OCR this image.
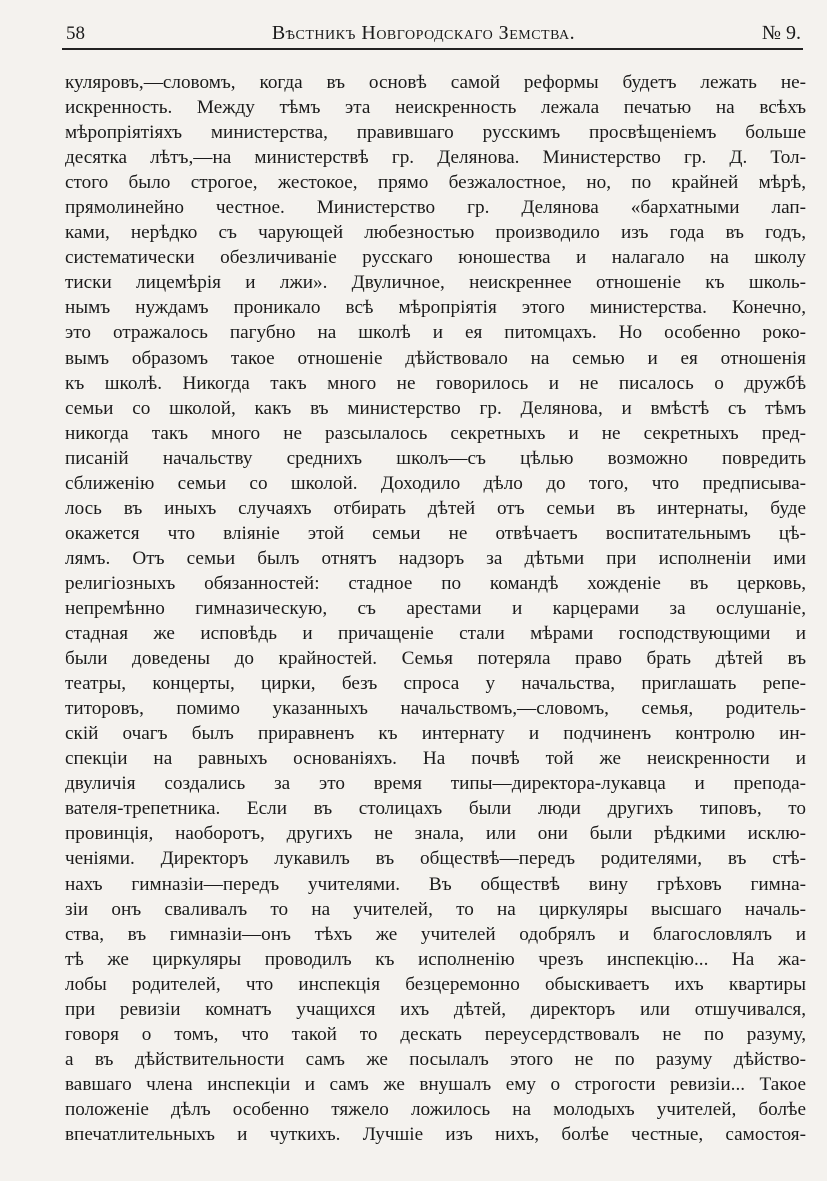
58	Вѣстникъ Новгородскаго Земства.	№ 9.
куляровъ,—словомъ, когда въ основѣ самой реформы будетъ лежать не-
искренность. Между тѣмъ эта неискренность лежала печатью на всѣхъ
мѣропріятіяхъ министерства, правившаго русскимъ просвѣщеніемъ больше
десятка лѣтъ,—на министерствѣ гр. Делянова. Министерство гр. Д. Тол-
стого было строгое, жестокое, прямо безжалостное, но, по крайней мѣрѣ,
прямолинейно честное. Министерство гр. Делянова «бархатными лап-
ками, нерѣдко съ чарующей любезностью производило изъ года въ годъ,
систематически обезличиваніе русскаго юношества и налагало на школу
тиски лицемѣрія и лжи». Двуличное, неискреннее отношеніе къ школь-
нымъ нуждамъ проникало всѣ мѣропріятія этого министерства. Конечно,
это отражалось пагубно на школѣ и ея питомцахъ. Но особенно роко-
вымъ образомъ такое отношеніе дѣйствовало на семью и ея отношенія
къ школѣ. Никогда такъ много не говорилось и не писалось о дружбѣ
семьи со школой, какъ въ министерство гр. Делянова, и вмѣстѣ съ тѣмъ
никогда такъ много не разсылалось секретныхъ и не секретныхъ пред-
писаній начальству среднихъ школъ—съ цѣлью возможно повредить
сближенію семьи со школой. Доходило дѣло до того, что предписыва-
лось въ иныхъ случаяхъ отбирать дѣтей отъ семьи въ интернаты, буде
окажется что вліяніе этой семьи не отвѣчаетъ воспитательнымъ цѣ-
лямъ. Отъ семьи былъ отнятъ надзоръ за дѣтьми при исполненіи ими
религіозныхъ обязанностей: стадное по командѣ хожденіе въ церковь,
непремѣнно гимназическую, съ арестами и карцерами за ослушаніе,
стадная же исповѣдь и причащеніе стали мѣрами господствующими и
были доведены до крайностей. Семья потеряла право брать дѣтей въ
театры, концерты, цирки, безъ спроса у начальства, приглашать репе-
титоровъ, помимо указанныхъ начальствомъ,—словомъ, семья, родитель-
скій очагъ былъ приравненъ къ интернату и подчиненъ контролю ин-
спекціи на равныхъ основаніяхъ. На почвѣ той же неискренности и
двуличія создались за это время типы—директора-лукавца и препода-
вателя-трепетника. Если въ столицахъ были люди другихъ типовъ, то
провинція, наоборотъ, другихъ не знала, или они были рѣдкими исклю-
ченіями. Директоръ лукавилъ въ обществѣ—передъ родителями, въ стѣ-
нахъ гимназіи—передъ учителями. Въ обществѣ вину грѣховъ гимна-
зіи онъ сваливалъ то на учителей, то на циркуляры высшаго началь-
ства, въ гимназіи—онъ тѣхъ же учителей одобрялъ и благословлялъ и
тѣ же циркуляры проводилъ къ исполненію чрезъ инспекцію... На жа-
лобы родителей, что инспекція безцеремонно обыскиваетъ ихъ квартиры
при ревизіи комнатъ учащихся ихъ дѣтей, директоръ или отшучивался,
говоря о томъ, что такой то дескать переусердствовалъ не по разуму,
а въ дѣйствительности самъ же посылалъ этого не по разуму дѣйство-
вавшаго члена инспекціи и самъ же внушалъ ему о строгости ревизіи... Такое
положеніе дѣлъ особенно тяжело ложилось на молодыхъ учителей, болѣе
впечатлительныхъ и чуткихъ. Лучшіе изъ нихъ, болѣе честные, самостоя-
